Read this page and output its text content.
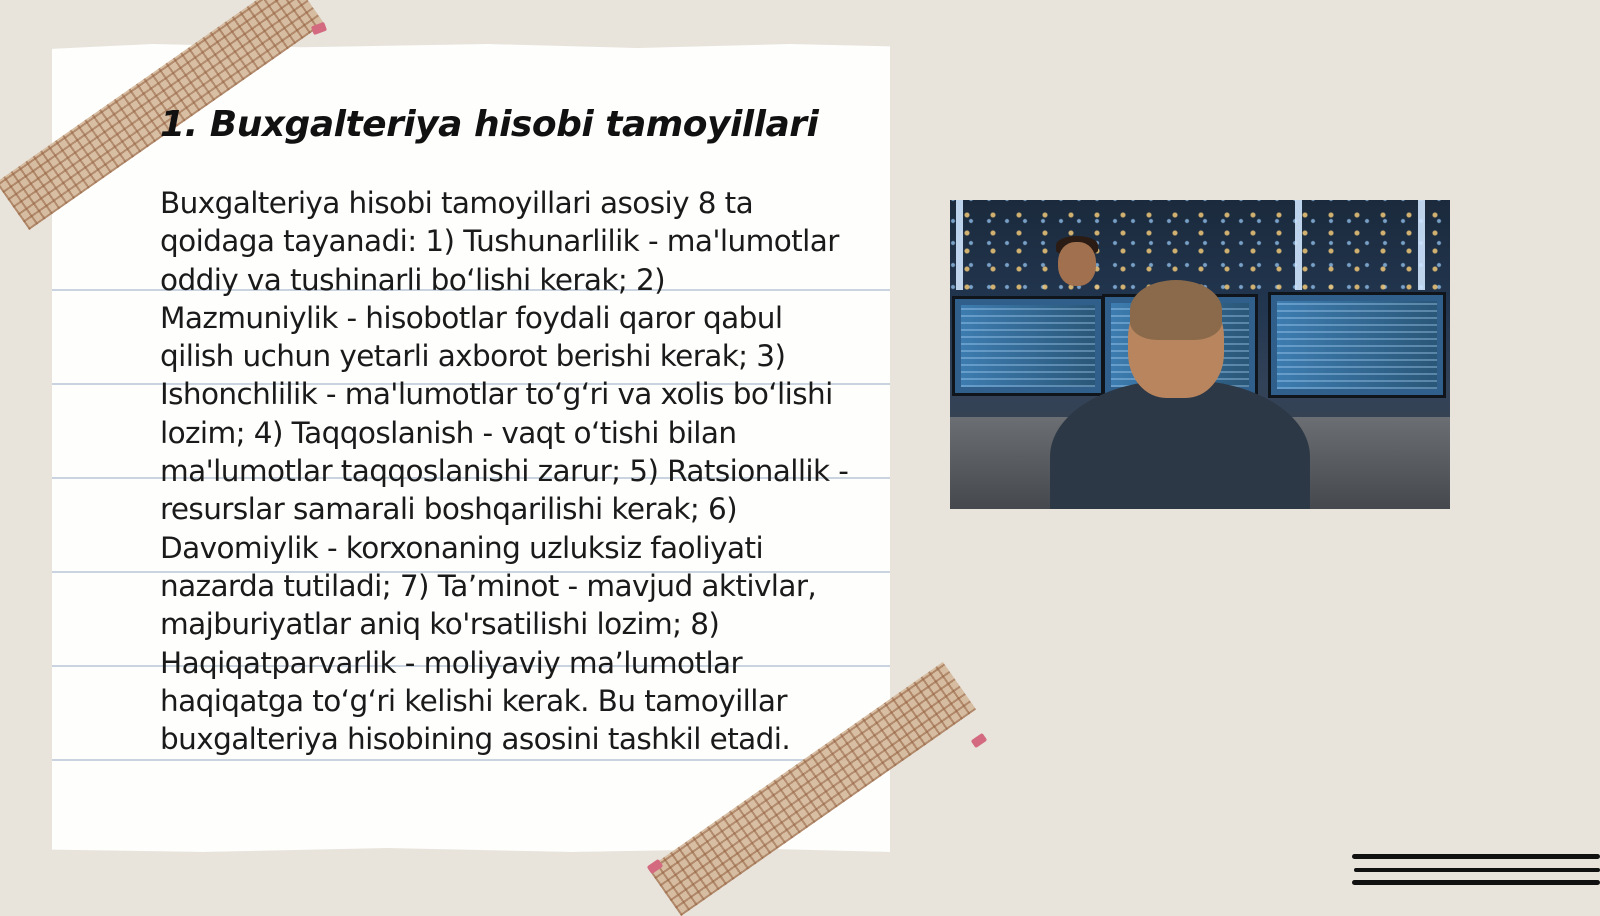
1. Buxgalteriya hisobi tamoyillari

Buxgalteriya hisobi tamoyillari asosiy 8 ta qoidaga tayanadi: 1) Tushunarlilik - ma'lumotlar oddiy va tushinarli boʻlishi kerak; 2) Mazmuniylik - hisobotlar foydali qaror qabul qilish uchun yetarli axborot berishi kerak; 3) Ishonchlilik - ma'lumotlar toʻgʻri va xolis boʻlishi lozim; 4) Taqqoslanish - vaqt oʻtishi bilan ma'lumotlar taqqoslanishi zarur; 5) Ratsionallik - resurslar samarali boshqarilishi kerak; 6) Davomiylik - korxonaning uzluksiz faoliyati nazarda tutiladi; 7) Taʼminot - mavjud aktivlar, majburiyatlar aniq ko'rsatilishi lozim; 8) Haqiqatparvarlik - moliyaviy maʼlumotlar haqiqatga toʻgʻri kelishi kerak. Bu tamoyillar buxgalteriya hisobining asosini tashkil etadi.
